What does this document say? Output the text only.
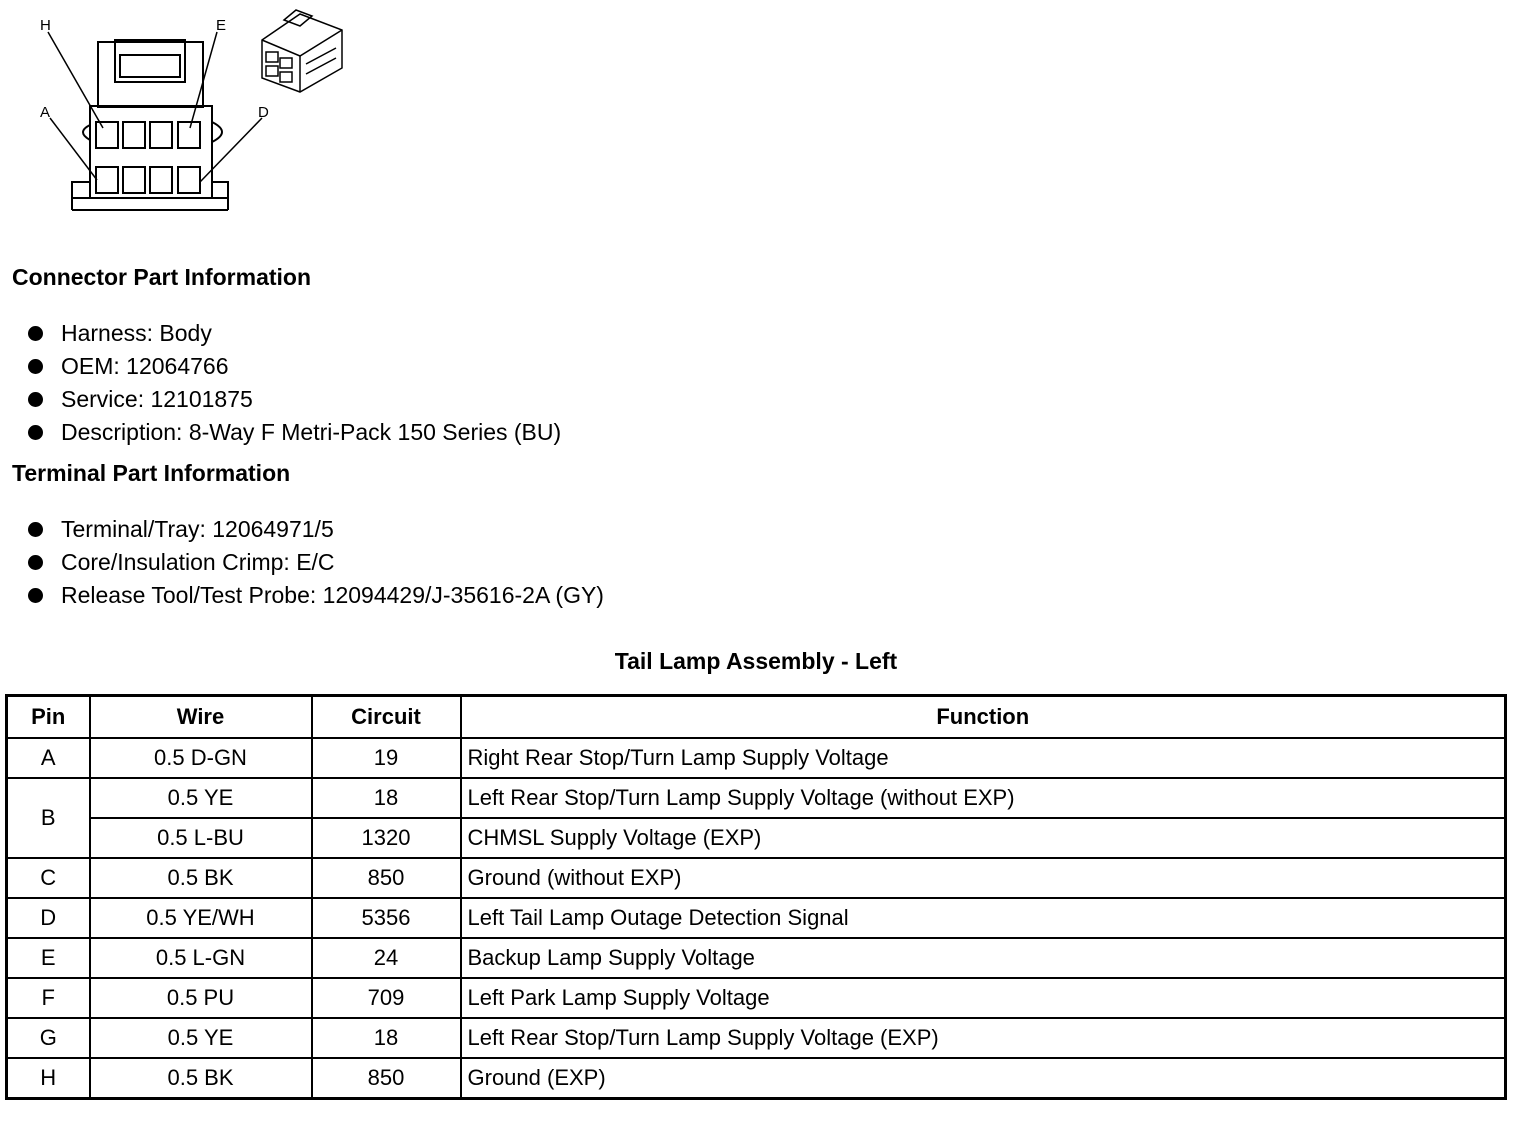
H	E
A	D
Connector Part Information
Harness: Body
OEM: 12064766
Service: 12101875
Description: 8-Way F Metri-Pack 150 Series (BU)
Terminal Part Information
Terminal/Tray: 12064971/5
Core/Insulation Crimp: E/C
Release Tool/Test Probe: 12094429/J-35616-2A (GY)
Tail Lamp Assembly - Left
Pin	Wire	Circuit	Function
A	0.5 D-GN	19	Right Rear Stop/Turn Lamp Supply Voltage
B	0.5 YE	18	Left Rear Stop/Turn Lamp Supply Voltage (without EXP)
	0.5 L-BU	1320	CHMSL Supply Voltage (EXP)
C	0.5 BK	850	Ground (without EXP)
D	0.5 YE/WH	5356	Left Tail Lamp Outage Detection Signal
E	0.5 L-GN	24	Backup Lamp Supply Voltage
F	0.5 PU	709	Left Park Lamp Supply Voltage
G	0.5 YE	18	Left Rear Stop/Turn Lamp Supply Voltage (EXP)
H	0.5 BK	850	Ground (EXP)
